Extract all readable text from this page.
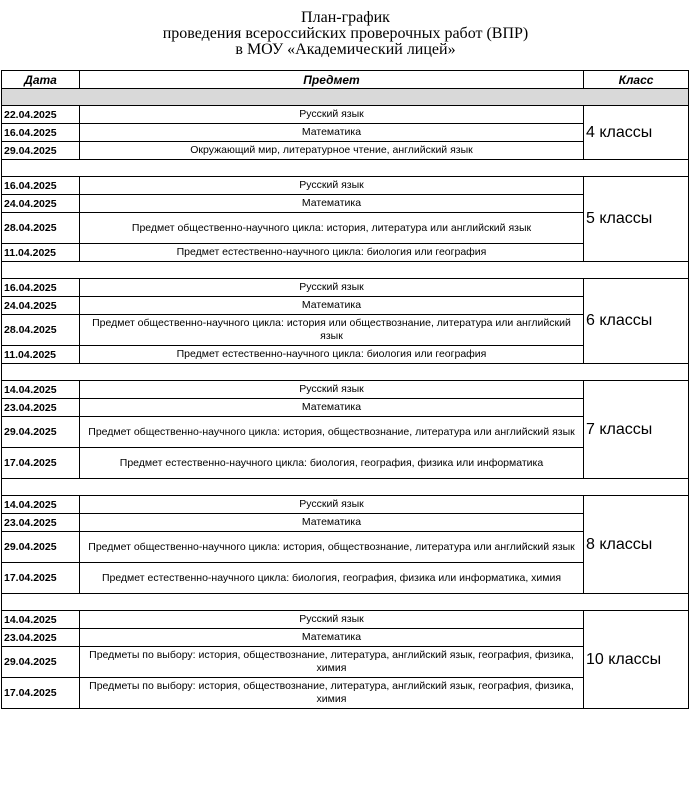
План-график
проведения всероссийских проверочных работ (ВПР)
в МОУ «Академический лицей»
Дата	Предмет	Класс

22.04.2025	Русский язык	4 классы
16.04.2025	Математика	
29.04.2025	Окружающий мир, литературное чтение, английский язык	

16.04.2025	Русский язык	5 классы
24.04.2025	Математика	
28.04.2025	Предмет общественно-научного цикла: история, литература или английский язык	
11.04.2025	Предмет естественно-научного цикла: биология или география	

16.04.2025	Русский язык	6 классы
24.04.2025	Математика	
28.04.2025	Предмет общественно-научного цикла: история или обществознание, литература или английский язык	
11.04.2025	Предмет естественно-научного цикла: биология или география	

14.04.2025	Русский язык	7 классы
23.04.2025	Математика	
29.04.2025	Предмет общественно-научного цикла: история, обществознание, литература или английский язык	
17.04.2025	Предмет естественно-научного цикла: биология, география, физика или информатика	

14.04.2025	Русский язык	8 классы
23.04.2025	Математика	
29.04.2025	Предмет общественно-научного цикла: история, обществознание, литература или английский язык	
17.04.2025	Предмет естественно-научного цикла: биология, география, физика или информатика, химия	

14.04.2025	Русский язык	10 классы
23.04.2025	Математика	
29.04.2025	Предметы по выбору: история, обществознание, литература, английский язык, география, физика, химия	
17.04.2025	Предметы по выбору: история, обществознание, литература, английский язык, география, физика, химия	
